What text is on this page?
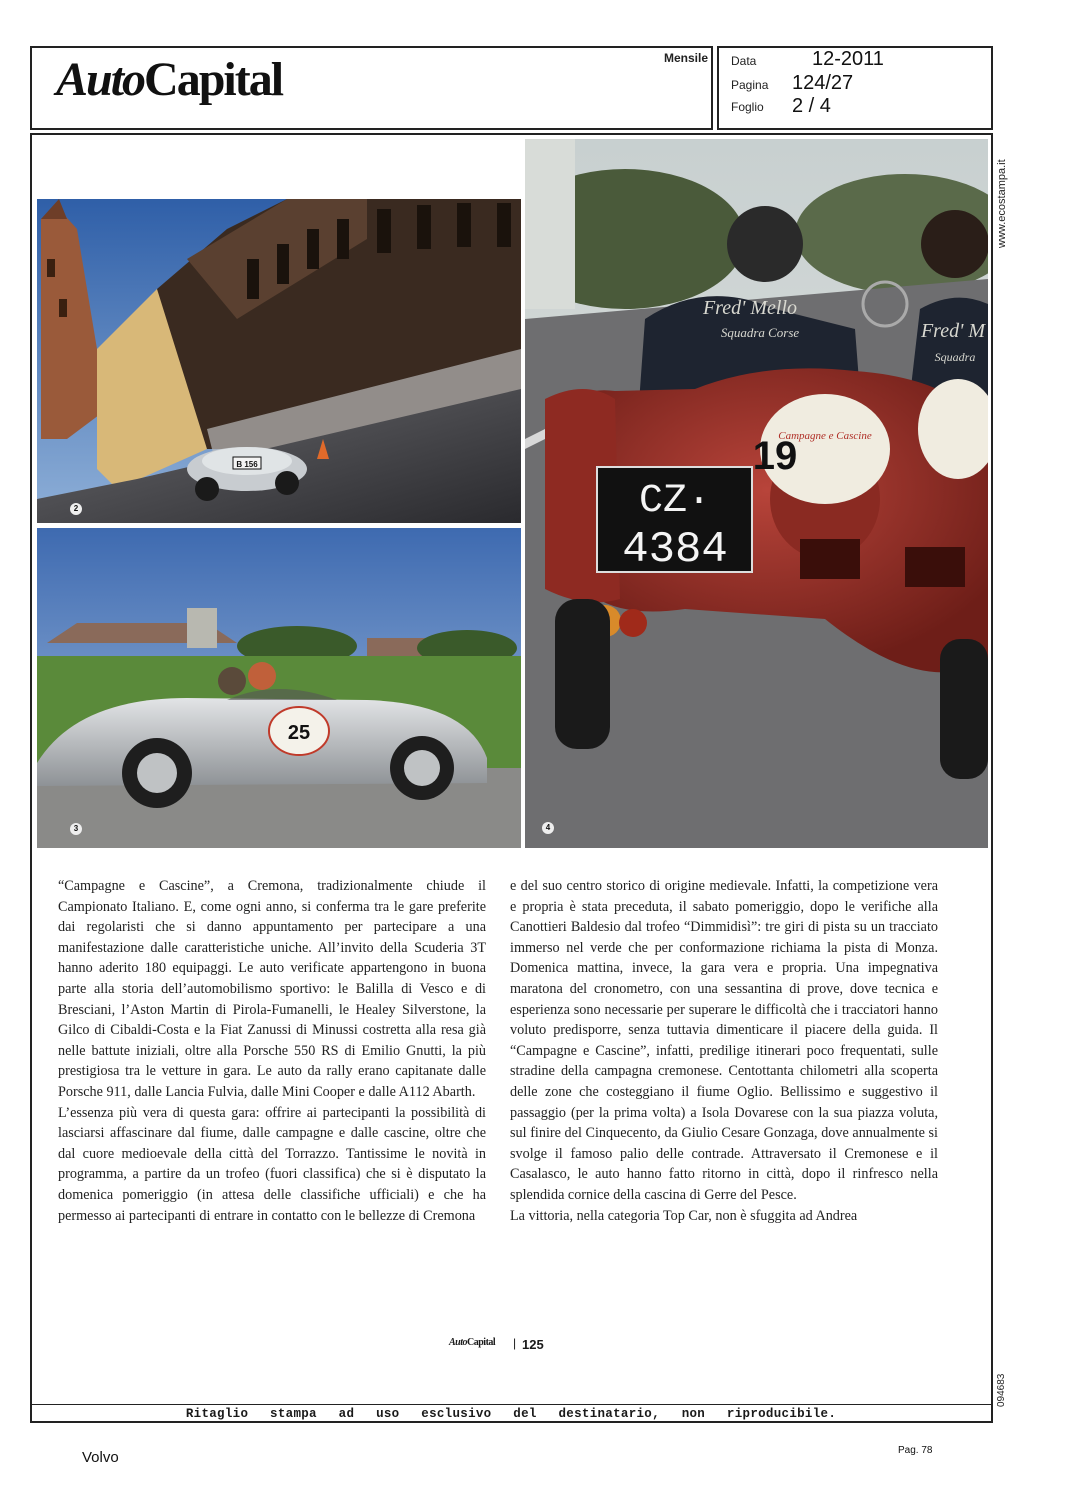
AutoCapital	Mensile Data	12-2011
Pagina 124/27
Foglio 2 / 4
www.ecostampa.it
094683
B 156
2
25
3
Fred' Mello
Squadra Corse	Fred' M
Squadra
Campagne e Cascine
19
CZ·
4384
4

“Campagne e Cascine”, a Cremona, tradizionalmente chiude il Campionato Italiano. E, come ogni anno, si conferma tra le gare preferite dai regolaristi che si danno appuntamento per partecipare a una manifestazione dalle caratteristiche uniche. All’invito della Scuderia 3T hanno aderito 180 equipaggi. Le auto verificate appartengono in buona parte alla storia dell’automobilismo sportivo: le Balilla di Vesco e di Bresciani, l’Aston Martin di Pirola-Fumanelli, le Healey Silverstone, la Gilco di Cibaldi-Costa e la Fiat Zanussi di Minussi costretta alla resa già nelle battute iniziali, oltre alla Porsche 550 RS di Emilio Gnutti, la più prestigiosa tra le vetture in gara. Le auto da rally erano capitanate dalle Porsche 911, dalle Lancia Fulvia, dalle Mini Cooper e dalle A112 Abarth.

L’essenza più vera di questa gara: offrire ai partecipanti la possibilità di lasciarsi affascinare dal fiume, dalle campagne e dalle cascine, oltre che dal cuore medioevale della città del Torrazzo. Tantissime le novità in programma, a partire da un trofeo (fuori classifica) che si è disputato la domenica pomeriggio (in attesa delle classifiche ufficiali) e che ha permesso ai partecipanti di entrare in contatto con le bellezze di Cremona

e del suo centro storico di origine medievale. Infatti, la competizione vera e propria è stata preceduta, il sabato pomeriggio, dopo le verifiche alla Canottieri Baldesio dal trofeo “Dimmidisì”: tre giri di pista su un tracciato immerso nel verde che per conformazione richiama la pista di Monza. Domenica mattina, invece, la gara vera e propria. Una impegnativa maratona del cronometro, con una sessantina di prove, dove tecnica e esperienza sono necessarie per superare le difficoltà che i tracciatori hanno voluto predisporre, senza tuttavia dimenticare il piacere della guida. Il “Campagne e Cascine”, infatti, predilige itinerari poco frequentati, sulle stradine della campagna cremonese. Centottanta chilometri alla scoperta delle zone che costeggiano il fiume Oglio. Bellissimo e suggestivo il passaggio (per la prima volta) a Isola Dovarese con la sua piazza voluta, sul finire del Cinquecento, da Giulio Cesare Gonzaga, dove annualmente si svolge il famoso palio delle contrade. Attraversato il Cremonese e il Casalasco, le auto hanno fatto ritorno in città, dopo il rinfresco nella splendida cornice della cascina di Gerre del Pesce.

La vittoria, nella categoria Top Car, non è sfuggita ad Andrea

AutoCapital | 125
Ritaglio stampa ad uso esclusivo del destinatario, non riproducibile.
Volvo	Pag. 78
